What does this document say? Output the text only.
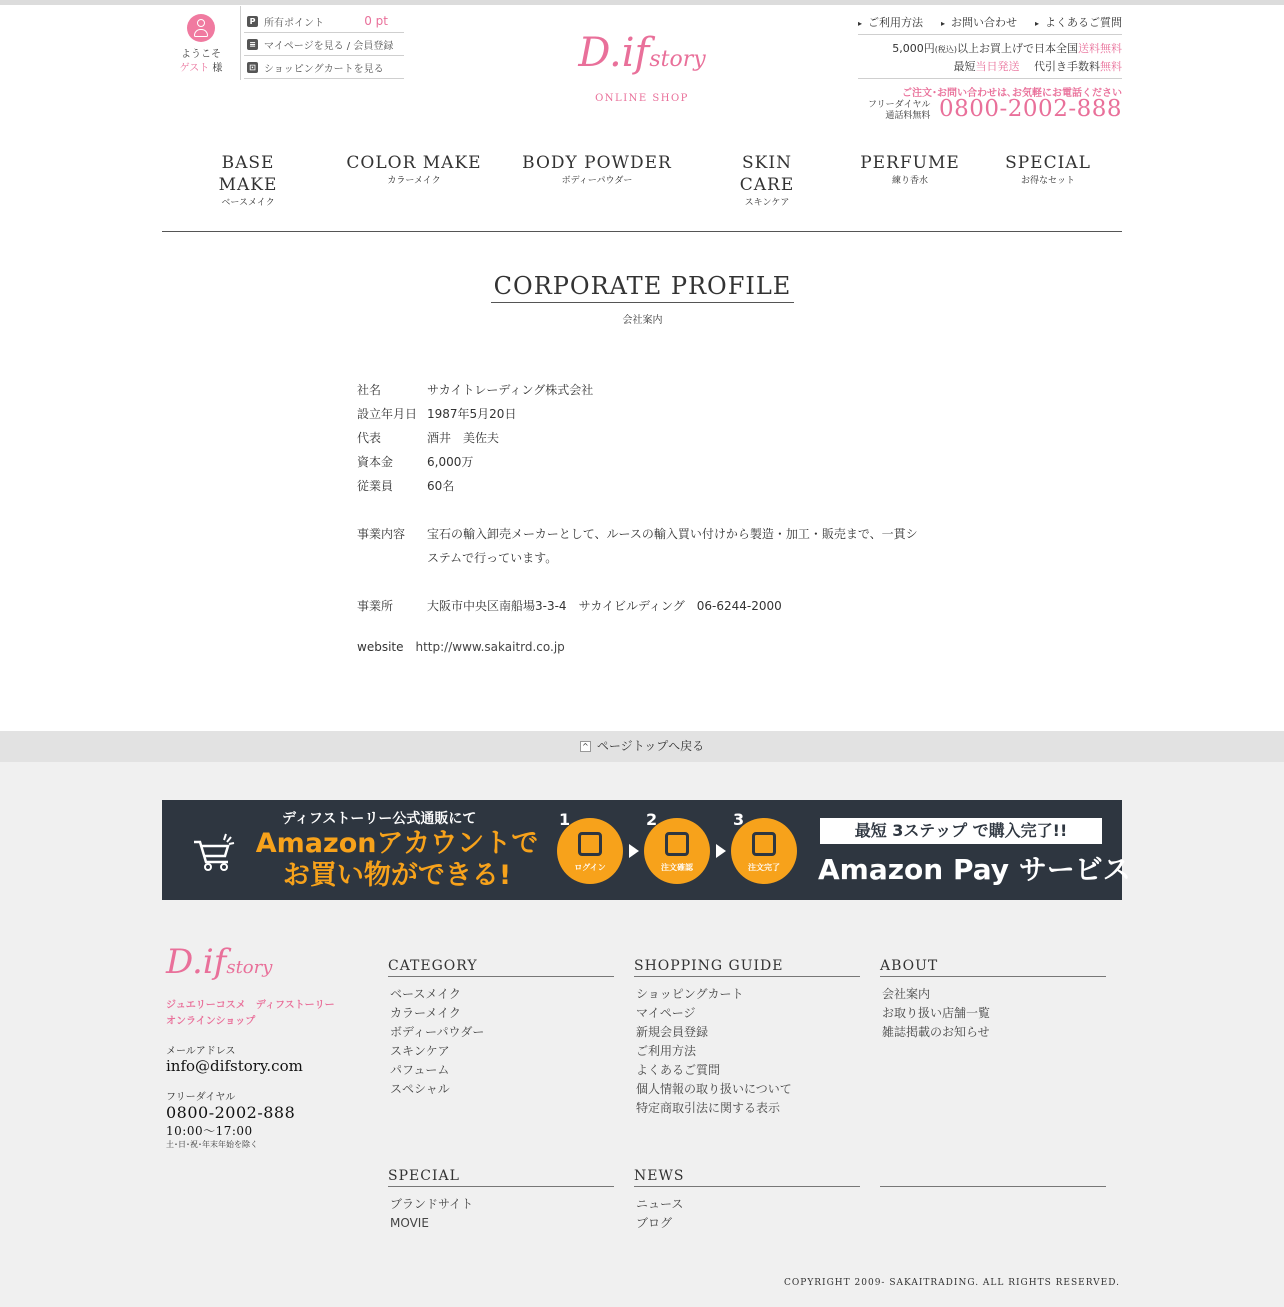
ようこそ
ゲスト 様
P 所有ポイント	0 pt
≡ マイページを見る / 会員登録
⊡ ショッピングカートを見る	D.ifstory
ONLINE SHOP
▸ ご利用方法	▸ お問い合わせ	▸ よくあるご質問
5,000円(税込)以上お買上げで日本全国送料無料
最短当日発送　 代引き手数料無料
ご注文･お問い合わせは､お気軽にお電話ください
フリーダイヤル
通話料無料 0800-2002-888
BASE MAKE
ベースメイク
COLOR MAKE
カラーメイク
BODY POWDER
ボディーパウダー
SKIN CARE
スキンケア
PERFUME
練り香水
SPECIAL
お得なセット
CORPORATE PROFILE
会社案内
社名	サカイトレーディング株式会社
設立年月日 1987年5月20日
代表	酒井　美佐夫
資本金	6,000万
従業員	60名
事業内容	宝石の輸入卸売メーカーとして、ルースの輸入買い付けから製造・加工・販売まで、一貫システムで行っています。
事業所	大阪市中央区南船場3-3-4　サカイビルディング　06-6244-2000
website http://www.sakaitrd.co.jp
^ ページトップへ戻る
ディフストーリー公式通販にて
Amazonアカウントで
お買い物ができる!
1
ログイン
2
注文確認
3
注文完了
最短 3ステップ で購入完了!!
Amazon Pay サービス
D.ifstory
ジュエリーコスメ　ディフストーリー
オンラインショップ
メールアドレス
info@difstory.com
フリーダイヤル
0800-2002-888
10:00～17:00
土･日･祝･年末年始を除く
CATEGORY
ベースメイク
カラーメイク
ボディーパウダー
スキンケア
パフューム
スペシャル
SHOPPING GUIDE
ショッピングカート
マイページ
新規会員登録
ご利用方法
よくあるご質問
個人情報の取り扱いについて
特定商取引法に関する表示
ABOUT
会社案内
お取り扱い店舗一覧
雑誌掲載のお知らせ
SPECIAL
ブランドサイト
MOVIE
NEWS
ニュース
ブログ
COPYRIGHT 2009- SAKAITRADING. ALL RIGHTS RESERVED.
